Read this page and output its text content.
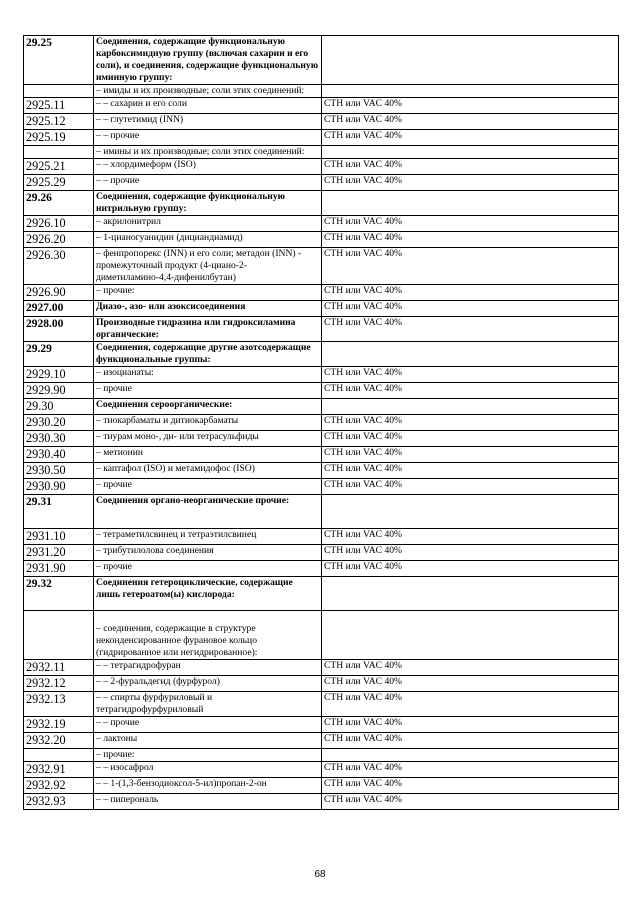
29.25	Соединения, содержащие функциональную карбоксимидную группу (включая сахарин и его соли), и соединения, содержащие функциональную иминную группу:	
	– имиды и их производные; соли этих соединений:	
2925.11	– – сахарин и его соли	СТН или VAC 40%
2925.12	– – глутетимид (INN)	СТН или VAC 40%
2925.19	– – прочие	СТН или VAC 40%
	– имины и их производные; соли этих соединений:	
2925.21	– – хлордимеформ (ISO)	СТН или VAC 40%
2925.29	– – прочие	СТН или VAC 40%
29.26	Соединения, содержащие функциональную нитрильную группу:	
2926.10	– акрилонитрил	СТН или VAC 40%
2926.20	– 1-цианогуанидин (дициандиамид)	СТН или VAC 40%
2926.30	– фенпропорекс (INN) и его соли; метадон (INN) - промежуточный продукт (4-циано-2-диметиламино-4,4-дифенилбутан)	СТН или VAC 40%
2926.90	– прочие:	СТН или VAC 40%
2927.00	Диазо-, азо- или азоксисоединения	СТН или VAC 40%
2928.00	Производные гидразина или гидроксиламина органические:	СТН или VAC 40%
29.29	Соединения, содержащие другие азотсодержащие функциональные группы:	
2929.10	– изоцианаты:	СТН или VAC 40%
2929.90	– прочие	СТН или VAC 40%
29.30	Соединения сероорганические:	
2930.20	– тиокарбаматы и дитиокарбаматы	СТН или VAC 40%
2930.30	– тиурам моно-, ди- или тетрасульфиды	СТН или VAC 40%
2930.40	– метионин	СТН или VAC 40%
2930.50	– каптафол (ISO) и метамидофос (ISO)	СТН или VAC 40%
2930.90	– прочие	СТН или VAC 40%
29.31	Соединения органо-неорганические прочие:	
2931.10	– тетраметилсвинец и тетраэтилсвинец	СТН или VAC 40%
2931.20	– трибутилолова соединения	СТН или VAC 40%
2931.90	– прочие	СТН или VAC 40%
29.32	Соединения гетероциклические, содержащие лишь гетероатом(ы) кислорода:	
	– соединения, содержащие в структуре неконденсированное фурановое кольцо (гидрированное или негидрированное):	
2932.11	– – тетрагидрофуран	СТН или VAC 40%
2932.12	– – 2-фуральдегид (фурфурол)	СТН или VAC 40%
2932.13	– – спирты фурфуриловый и тетрагидрофурфуриловый	СТН или VAC 40%
2932.19	– – прочие	СТН или VAC 40%
2932.20	– лактоны	СТН или VAC 40%
	– прочие:	
2932.91	– – изосафрол	СТН или VAC 40%
2932.92	– – 1-(1,3-бензодиоксол-5-ил)пропан-2-он	СТН или VAC 40%
2932.93	– – пиперональ	СТН или VAC 40%
68
